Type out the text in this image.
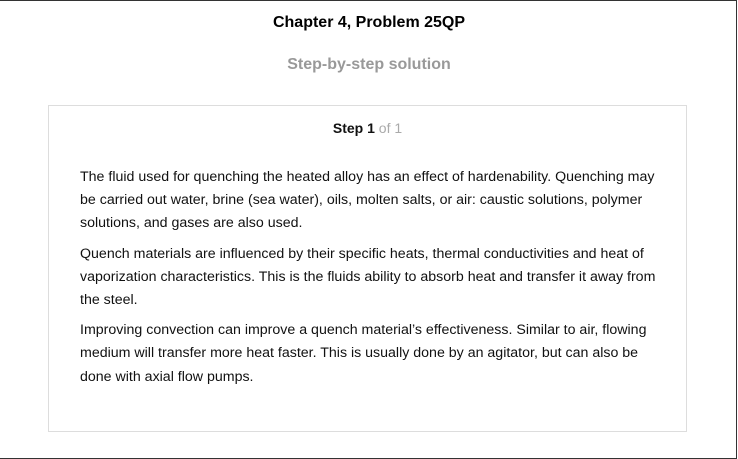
Chapter 4, Problem 25QP
Step-by-step solution
Step 1 of 1

The fluid used for quenching the heated alloy has an effect of hardenability. Quenching may be carried out water, brine (sea water), oils, molten salts, or air: caustic solutions, polymer solutions, and gases are also used.

Quench materials are influenced by their specific heats, thermal conductivities and heat of vaporization characteristics. This is the fluids ability to absorb heat and transfer it away from the steel.

Improving convection can improve a quench material’s effectiveness. Similar to air, flowing medium will transfer more heat faster. This is usually done by an agitator, but can also be done with axial flow pumps.
